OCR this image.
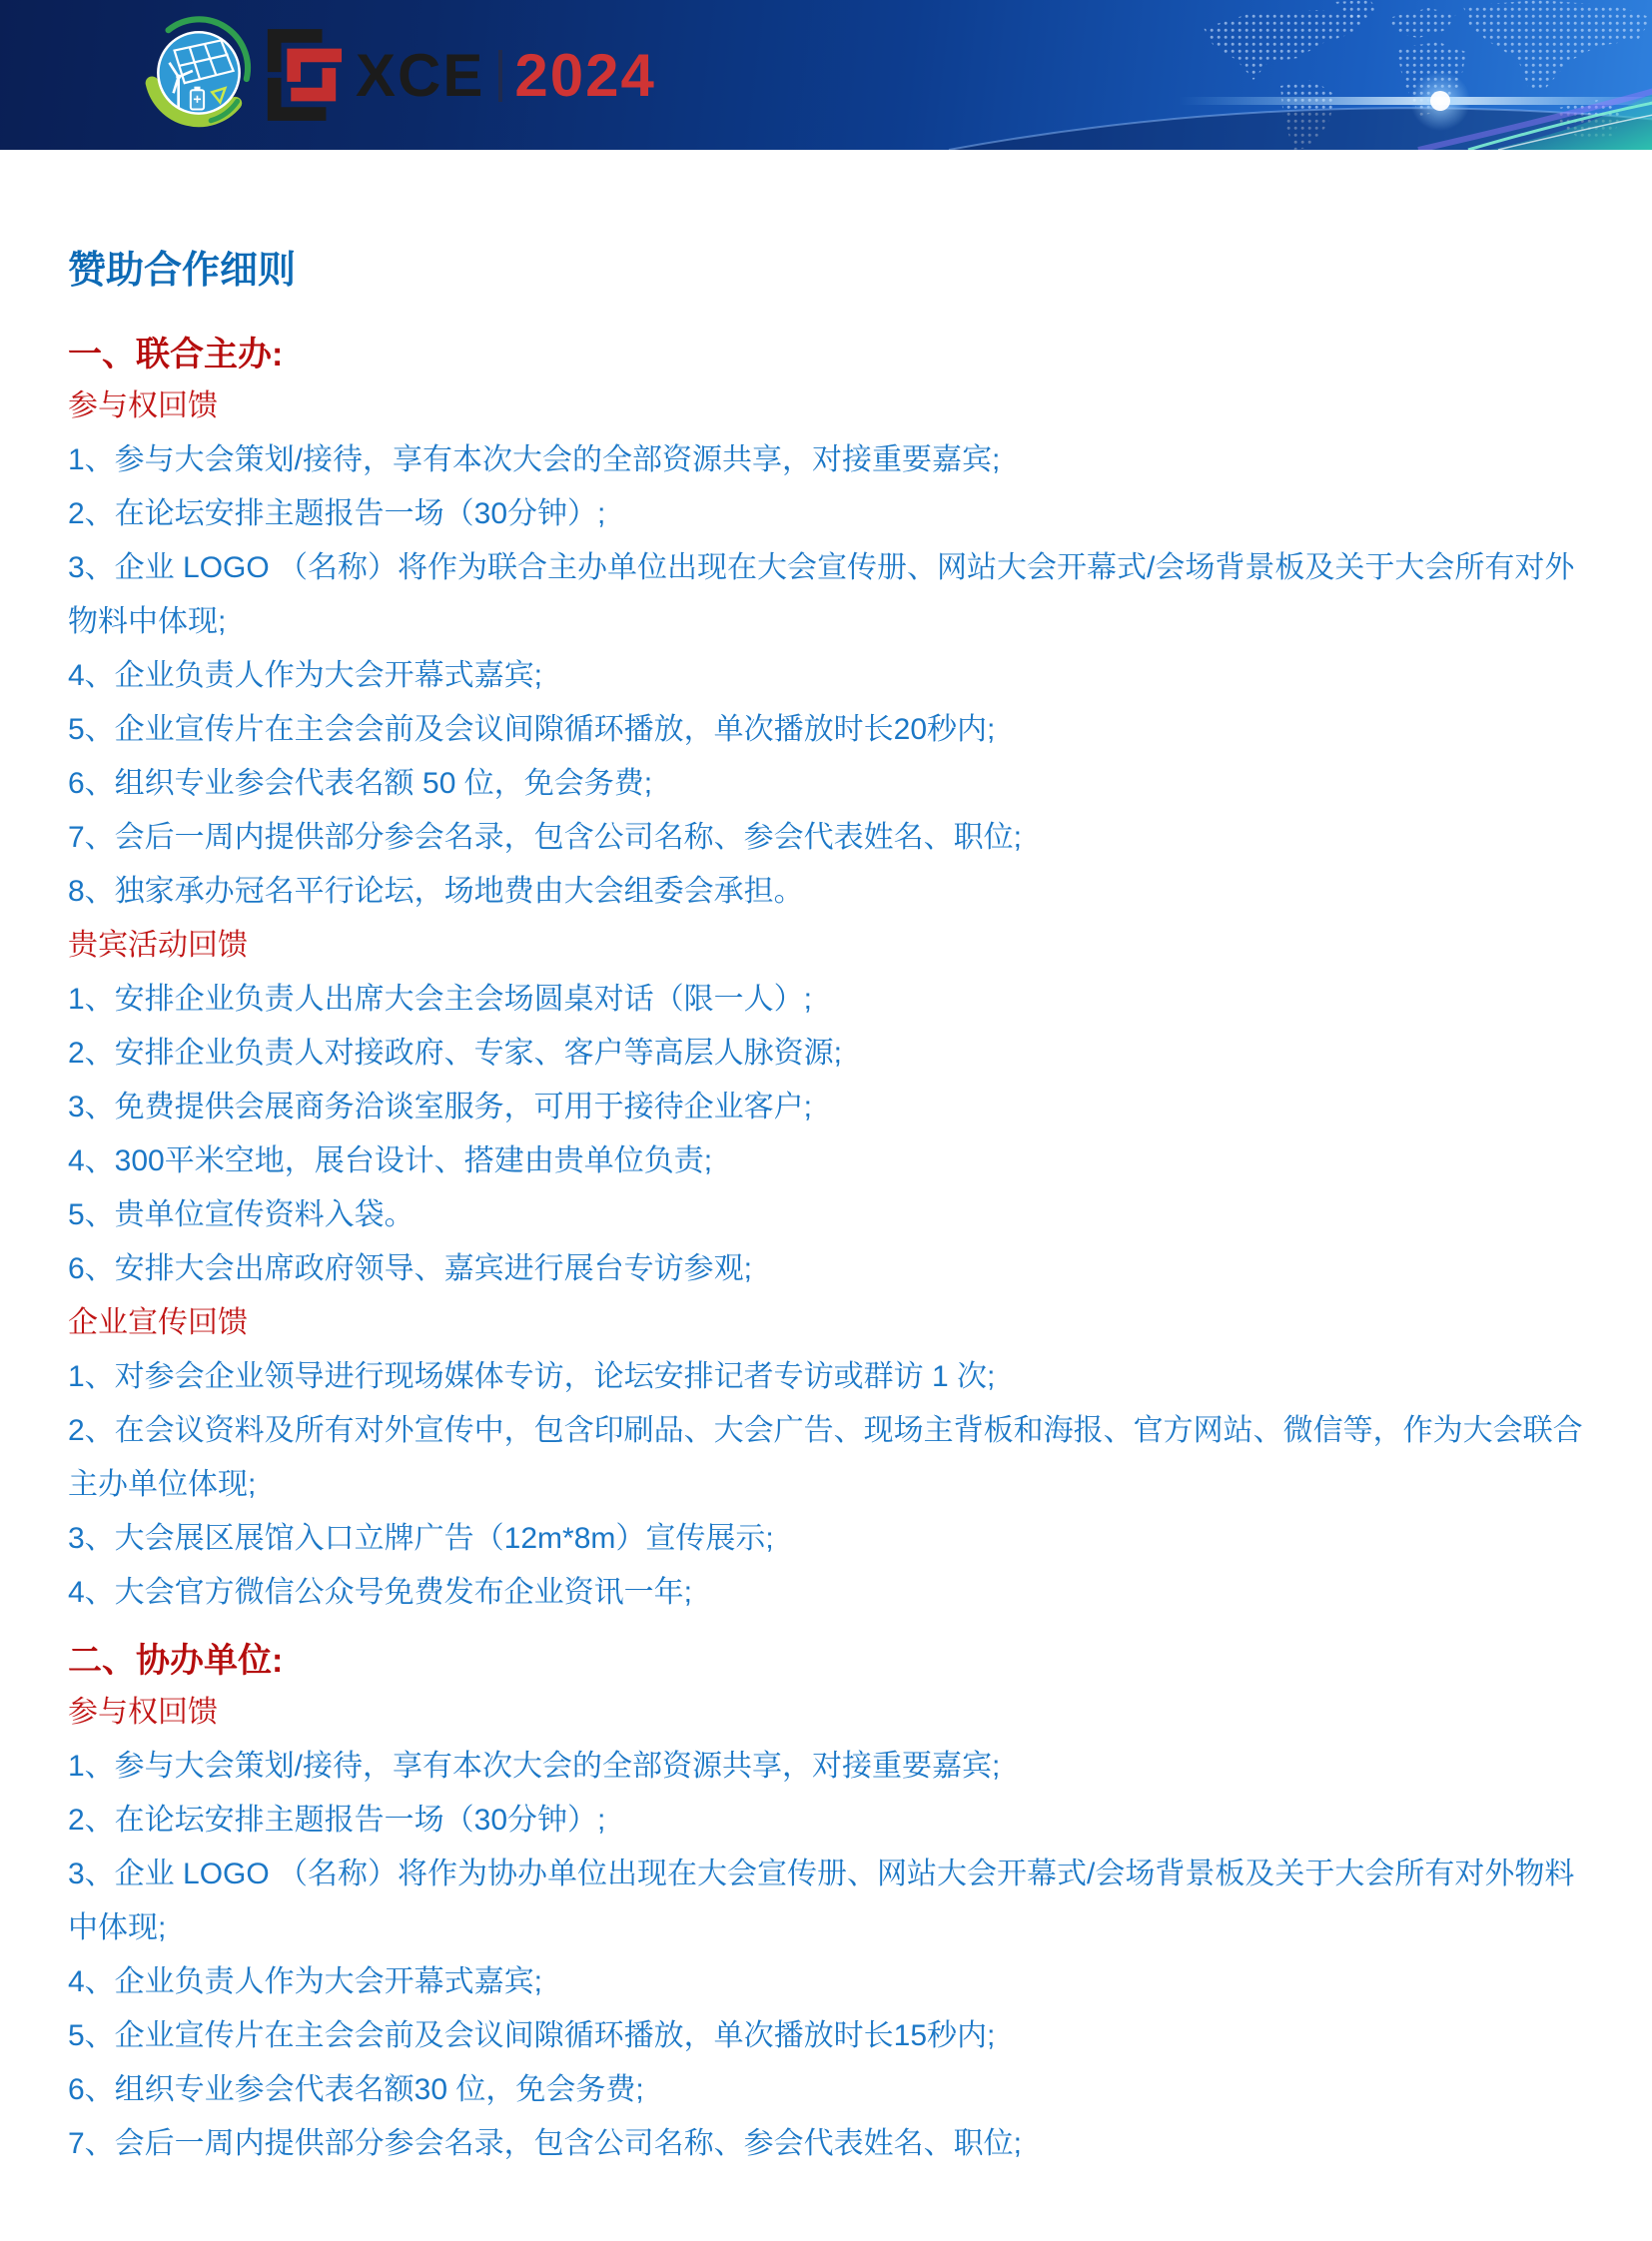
XCE 2024
赞助合作细则
一、联合主办:
参与权回馈

1、参与大会策划/接待，享有本次大会的全部资源共享，对接重要嘉宾;

2、在论坛安排主题报告一场（30分钟）;

3、企业 LOGO （名称）将作为联合主办单位出现在大会宣传册、网站大会开幕式/会场背景板及关于大会所有对外物料中体现;

4、企业负责人作为大会开幕式嘉宾;

5、企业宣传片在主会会前及会议间隙循环播放，单次播放时长20秒内;

6、组织专业参会代表名额 50 位，免会务费;

7、会后一周内提供部分参会名录，包含公司名称、参会代表姓名、职位;

8、独家承办冠名平行论坛，场地费由大会组委会承担。

贵宾活动回馈

1、安排企业负责人出席大会主会场圆桌对话（限一人）;

2、安排企业负责人对接政府、专家、客户等高层人脉资源;

3、免费提供会展商务洽谈室服务，可用于接待企业客户;

4、300平米空地，展台设计、搭建由贵单位负责;

5、贵单位宣传资料入袋。

6、安排大会出席政府领导、嘉宾进行展台专访参观;

企业宣传回馈

1、对参会企业领导进行现场媒体专访，论坛安排记者专访或群访 1 次;

2、在会议资料及所有对外宣传中，包含印刷品、大会广告、现场主背板和海报、官方网站、微信等，作为大会联合主办单位体现;

3、大会展区展馆入口立牌广告（12m*8m）宣传展示;

4、大会官方微信公众号免费发布企业资讯一年;

二、协办单位:
参与权回馈

1、参与大会策划/接待，享有本次大会的全部资源共享，对接重要嘉宾;

2、在论坛安排主题报告一场（30分钟）;

3、企业 LOGO （名称）将作为协办单位出现在大会宣传册、网站大会开幕式/会场背景板及关于大会所有对外物料中体现;

4、企业负责人作为大会开幕式嘉宾;

5、企业宣传片在主会会前及会议间隙循环播放，单次播放时长15秒内;

6、组织专业参会代表名额30 位，免会务费;

7、会后一周内提供部分参会名录，包含公司名称、参会代表姓名、职位;
